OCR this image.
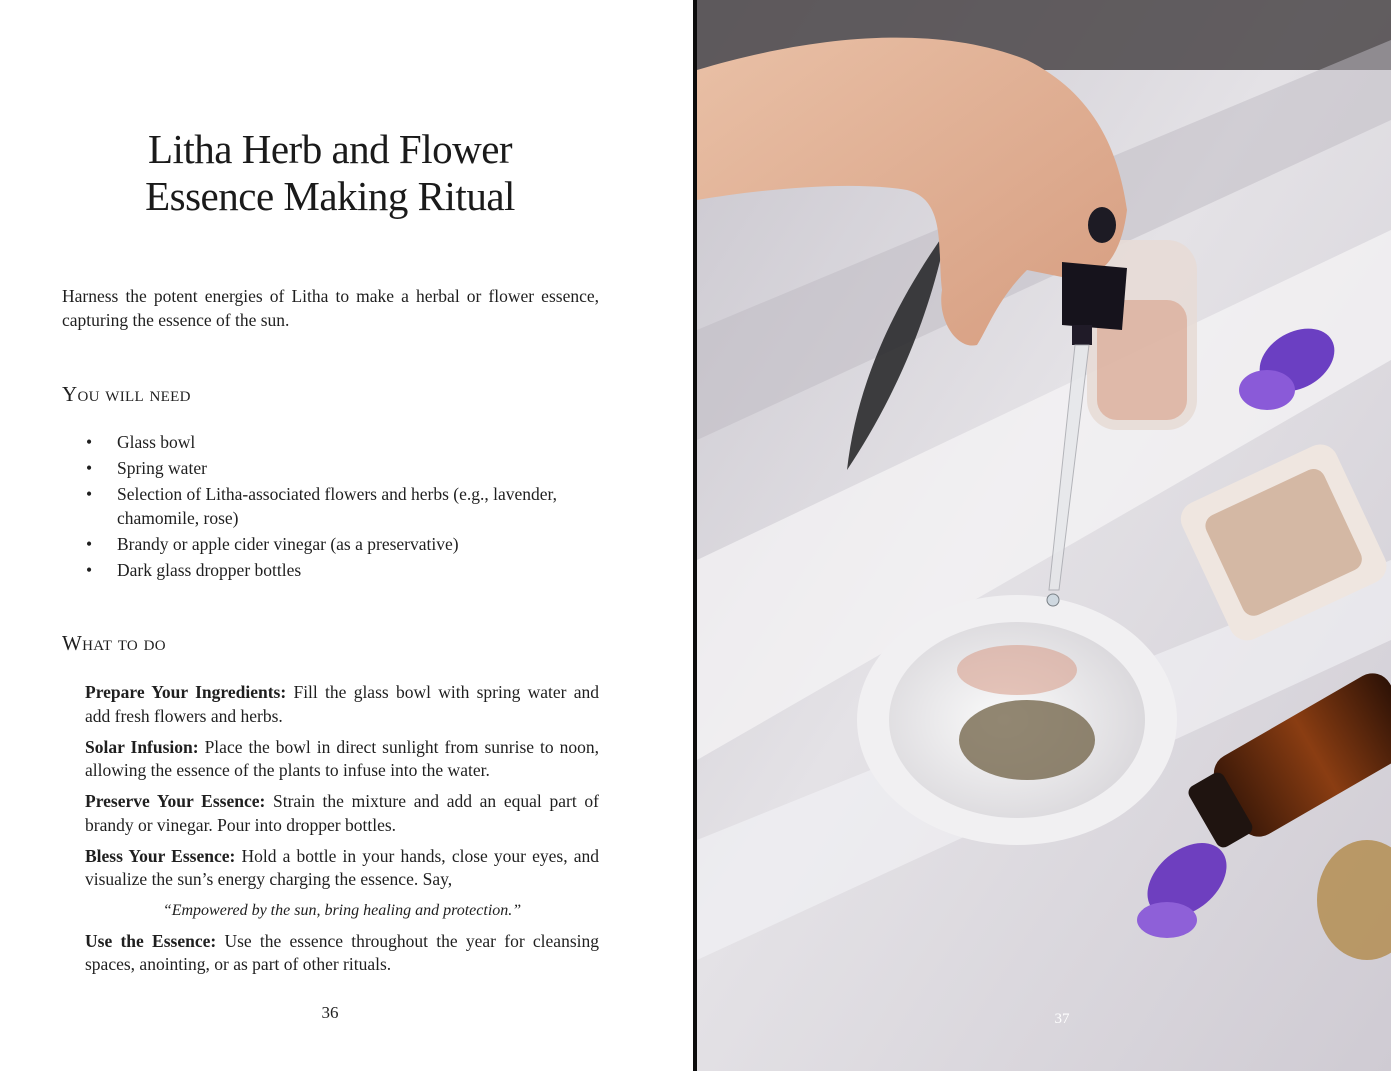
Litha Herb and Flower
Essence Making Ritual

Harness the potent energies of Litha to make a herbal or flower essence, capturing the essence of the sun.

You will need
• Glass bowl
• Spring water
• Selection of Litha-associated flowers and herbs (e.g., lavender, chamomile, rose)
• Brandy or apple cider vinegar (as a preservative)
• Dark glass dropper bottles
What to do

Prepare Your Ingredients: Fill the glass bowl with spring water and add fresh flowers and herbs.

Solar Infusion: Place the bowl in direct sunlight from sunrise to noon, allowing the essence of the plants to infuse into the water.

Preserve Your Essence: Strain the mixture and add an equal part of brandy or vinegar. Pour into dropper bottles.

Bless Your Essence: Hold a bottle in your hands, close your eyes, and visualize the sun’s energy charging the essence. Say,

“Empowered by the sun, bring healing and protection.”

Use the Essence: Use the essence throughout the year for cleansing spaces, anointing, or as part of other rituals.

36	37
